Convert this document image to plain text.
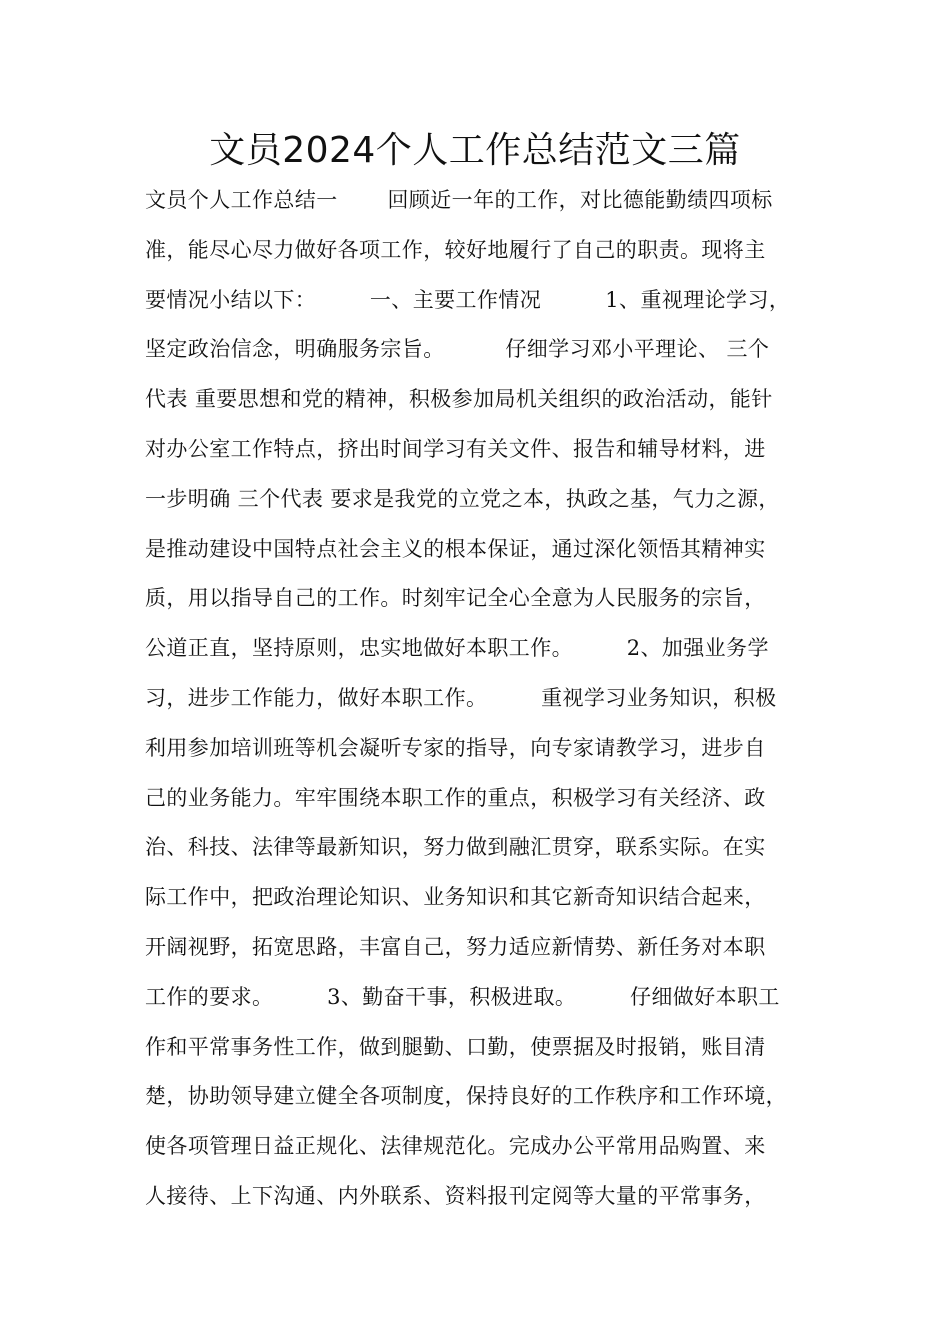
文员2024个人工作总结范文三篇
文员个人工作总结一　　 回顾近一年的工作，对比德能勤绩四项标
准，能尽心尽力做好各项工作，较好地履行了自己的职责。现将主
要情况小结以下：　　　一、主要工作情况　　　1、重视理论学习，
坚定政治信念，明确服务宗旨。　　　 仔细学习邓小平理论、 三个
代表 重要思想和党的精神，积极参加局机关组织的政治活动，能针
对办公室工作特点，挤出时间学习有关文件、报告和辅导材料，进
一步明确 三个代表 要求是我党的立党之本，执政之基，气力之源，
是推动建设中国特点社会主义的根本保证，通过深化领悟其精神实
质，用以指导自己的工作。时刻牢记全心全意为人民服务的宗旨，
公道正直，坚持原则，忠实地做好本职工作。　　　2、加强业务学
习，进步工作能力，做好本职工作。　　　重视学习业务知识，积极
利用参加培训班等机会凝听专家的指导，向专家请教学习，进步自
己的业务能力。牢牢围绕本职工作的重点，积极学习有关经济、政
治、科技、法律等最新知识，努力做到融汇贯穿，联系实际。在实
际工作中，把政治理论知识、业务知识和其它新奇知识结合起来，
开阔视野，拓宽思路，丰富自己，努力适应新情势、新任务对本职
工作的要求。　　　3、勤奋干事，积极进取。　　　仔细做好本职工
作和平常事务性工作，做到腿勤、口勤，使票据及时报销，账目清
楚，协助领导建立健全各项制度，保持良好的工作秩序和工作环境，
使各项管理日益正规化、法律规范化。完成办公平常用品购置、来
人接待、上下沟通、内外联系、资料报刊定阅等大量的平常事务，
